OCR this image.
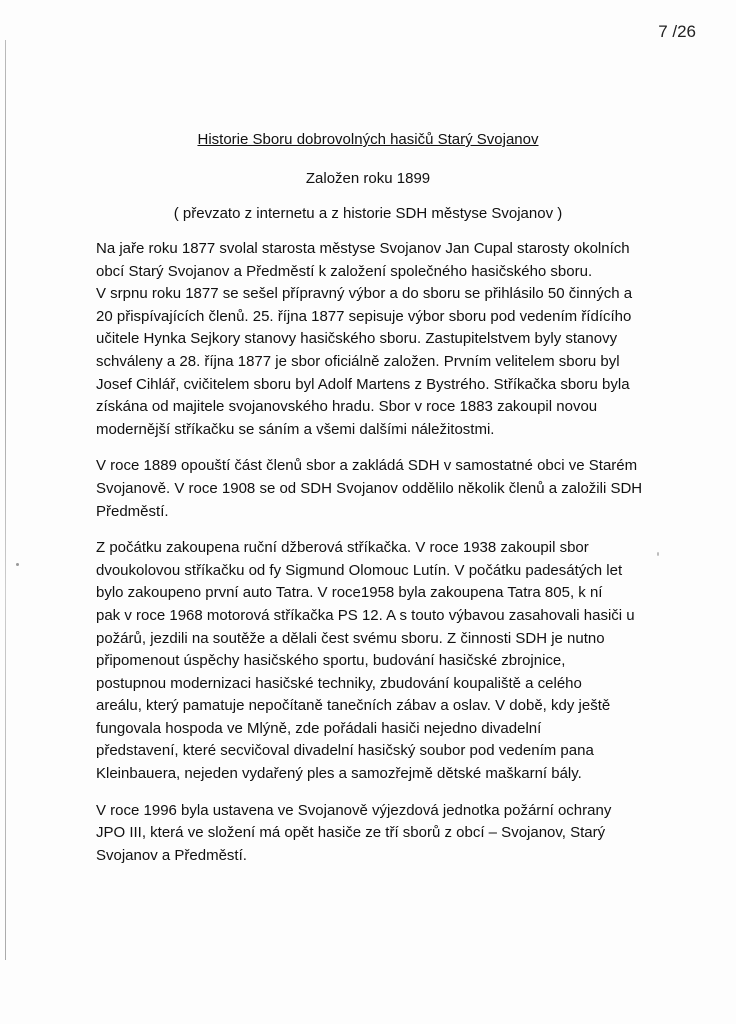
7 /26
Historie Sboru dobrovolných hasičů Starý Svojanov
Založen roku 1899
( převzato z internetu a z historie SDH městyse Svojanov )
Na jaře roku 1877 svolal starosta městyse Svojanov Jan Cupal starosty okolních
obcí Starý Svojanov a Předměstí k založení společného hasičského sboru.
V srpnu roku 1877 se sešel přípravný výbor a do sboru se přihlásilo 50 činných a
20 přispívajících členů. 25. října 1877 sepisuje výbor sboru pod vedením řídícího
učitele Hynka Sejkory stanovy hasičského sboru. Zastupitelstvem byly stanovy
schváleny a 28. října 1877 je sbor oficiálně založen. Prvním velitelem sboru byl
Josef Cihlář, cvičitelem sboru byl Adolf Martens z Bystrého. Stříkačka sboru byla
získána od majitele svojanovského hradu. Sbor v roce 1883 zakoupil novou
modernější stříkačku se sáním a všemi dalšími náležitostmi.
V roce 1889 opouští část členů sbor a zakládá SDH v samostatné obci ve Starém
Svojanově. V roce 1908 se od SDH Svojanov oddělilo několik členů a založili SDH
Předměstí.
Z počátku zakoupena ruční džberová stříkačka. V roce 1938 zakoupil sbor
dvoukolovou stříkačku od fy Sigmund Olomouc Lutín. V počátku padesátých let
bylo zakoupeno první auto Tatra. V roce1958 byla zakoupena Tatra 805, k ní
pak v roce 1968 motorová stříkačka PS 12. A s touto výbavou zasahovali hasiči u
požárů, jezdili na soutěže a dělali čest svému sboru. Z činnosti SDH je nutno
připomenout úspěchy hasičského sportu, budování hasičské zbrojnice,
postupnou modernizaci hasičské techniky, zbudování koupaliště a celého
areálu, který pamatuje nepočítaně tanečních zábav a oslav. V době, kdy ještě
fungovala hospoda ve Mlýně, zde pořádali hasiči nejedno divadelní
představení, které secvičoval divadelní hasičský soubor pod vedením pana
Kleinbauera, nejeden vydařený ples a samozřejmě dětské maškarní bály.
V roce 1996 byla ustavena ve Svojanově výjezdová jednotka požární ochrany
JPO III, která ve složení má opět hasiče ze tří sborů z obcí – Svojanov, Starý
Svojanov a Předměstí.
